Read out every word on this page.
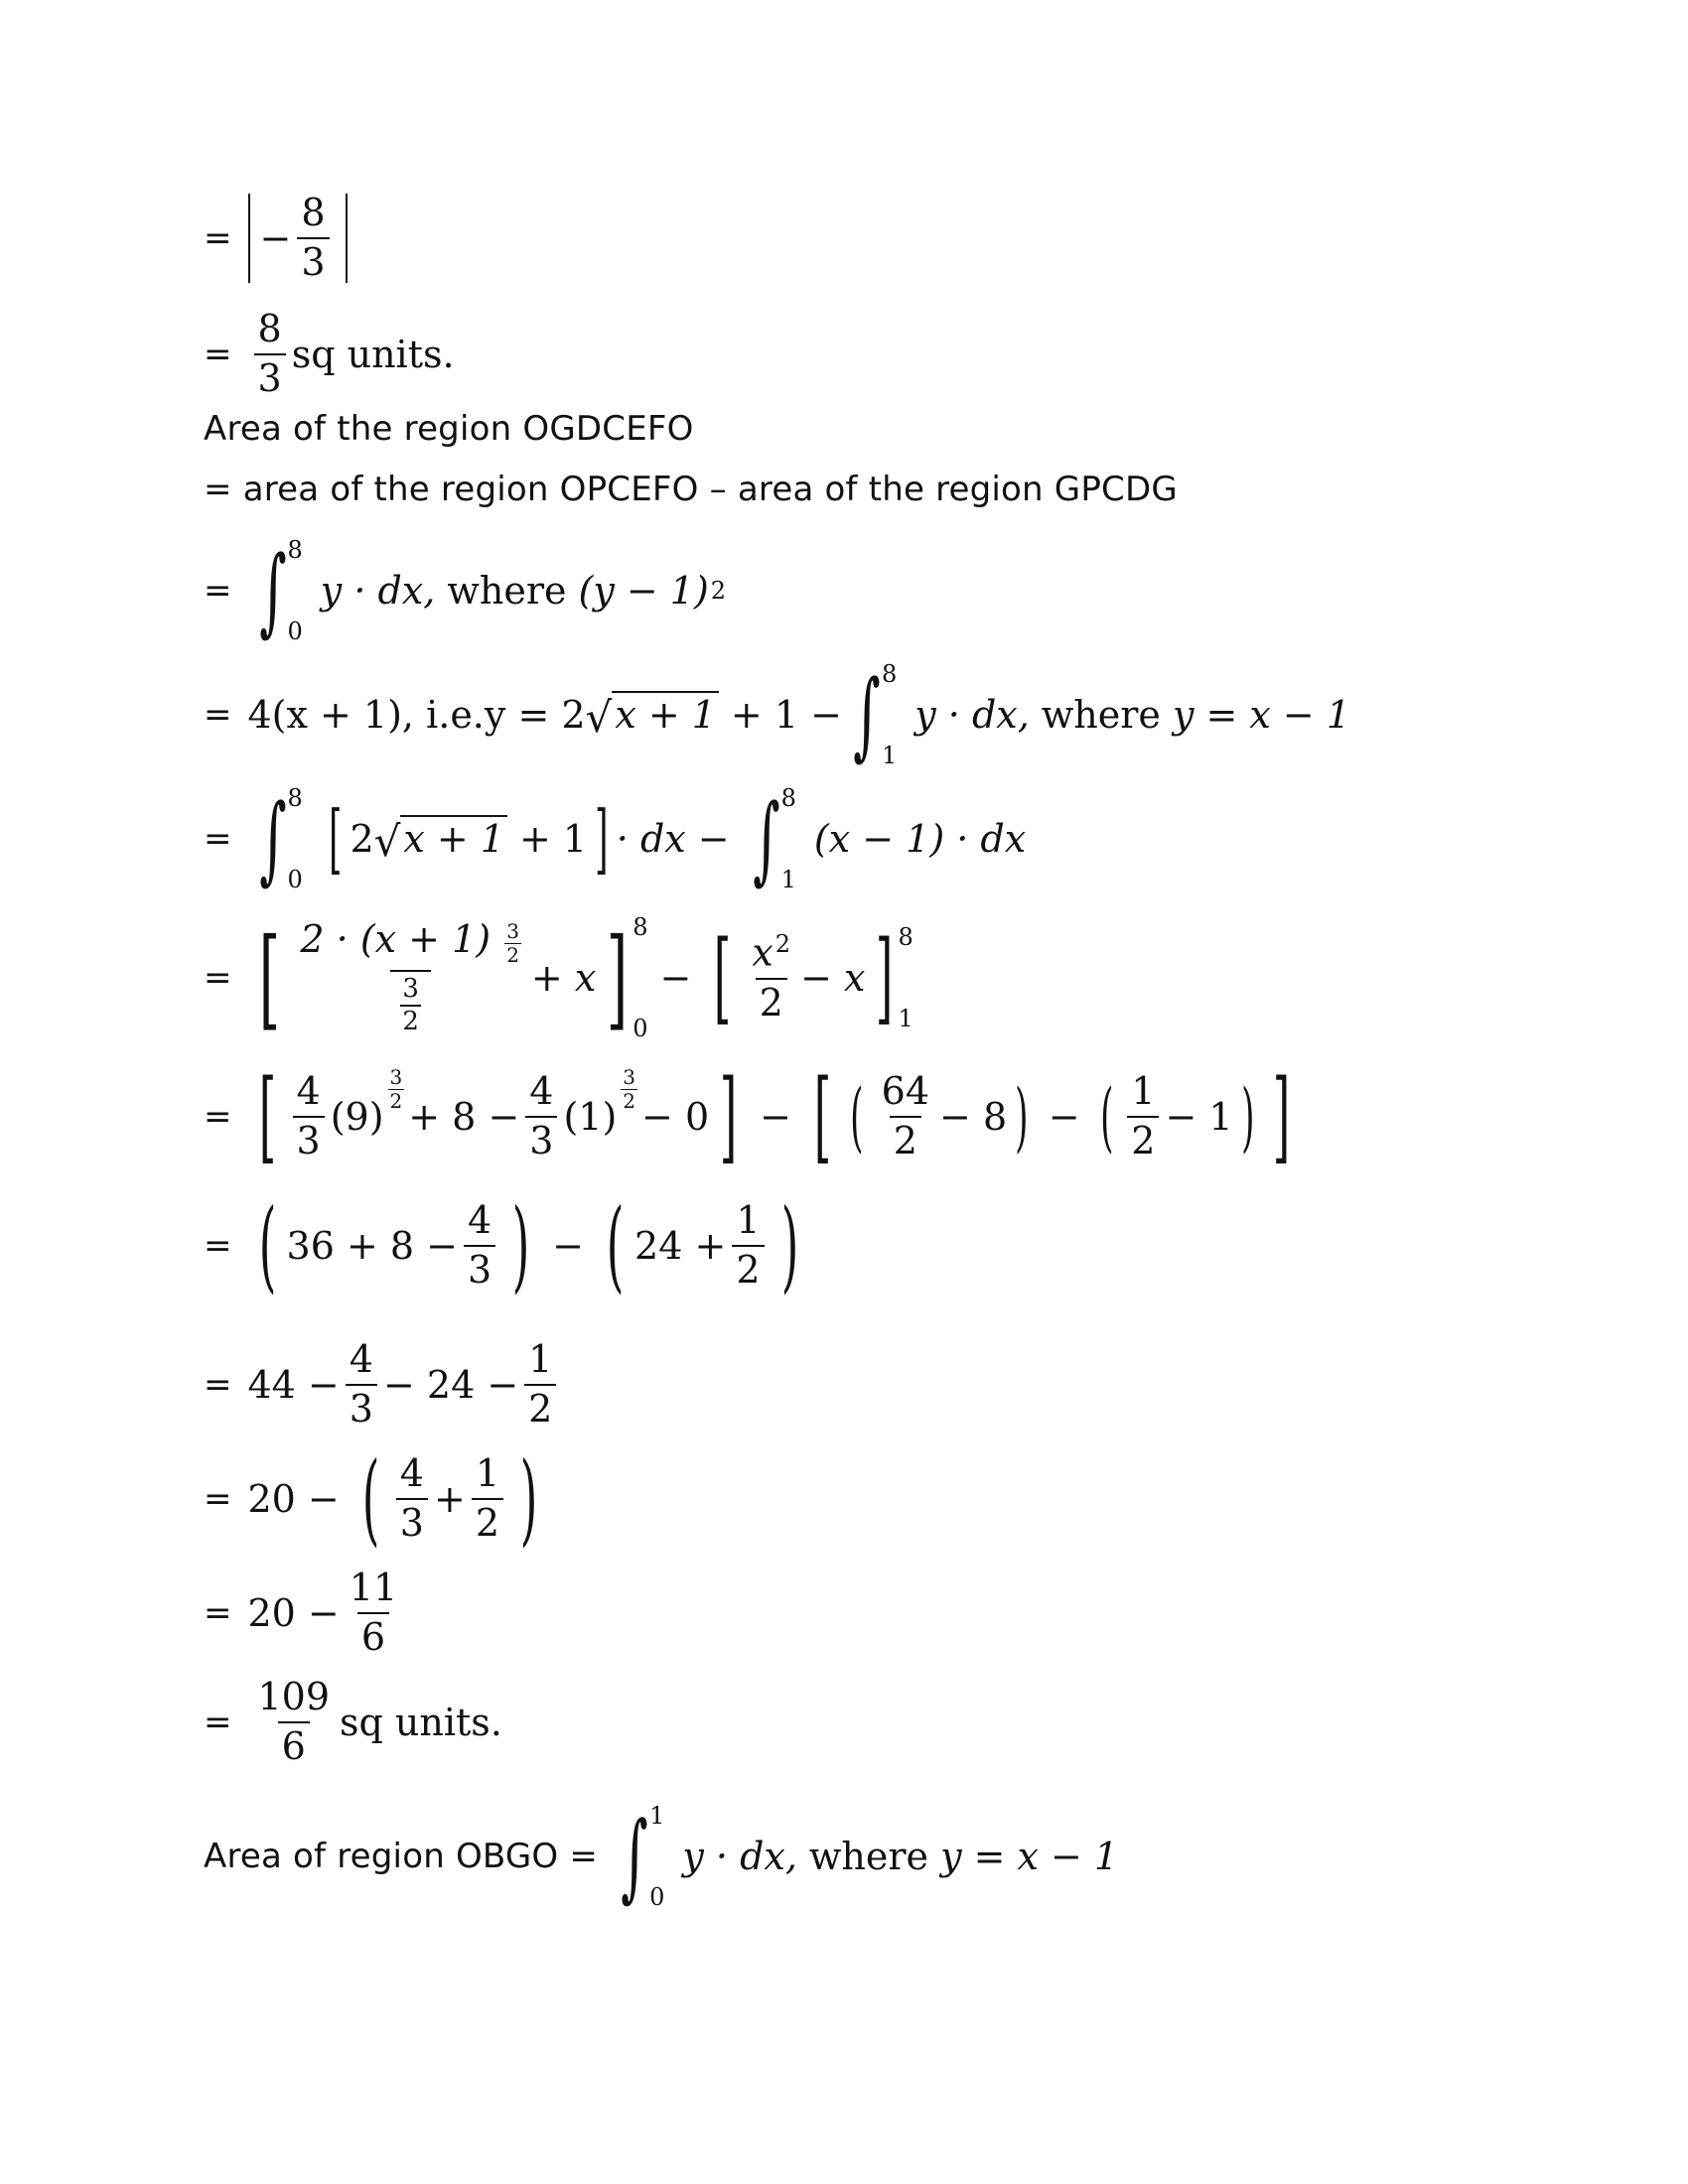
= − $\frac{8}{3}$
= $\frac{8}{3}$ sq units.
Area of the region OGDCEFO
= area of the region OPCEFO – area of the region GPCDG
= ∫ 8
0
y · dx, where (y − 1) 2
= 4(x + 1), i.e.y = 2 √ x + 1 + 1 − ∫ 8
1
y · dx, where y = x − 1
= ∫ 8
0 [ 2 √ x + 1 + 1 ] · dx − ∫ 8
1
(x − 1) · dx
= [ $\frac{2 \cdot (x + 1) \frac{3}{2}}{\frac{3}{2}} + x$ ] 8
0
− [ $\frac{x^2}{2} - x$ ] 8
1
= [ $\frac{4}{3} (9)$
$\frac{3}{2}$
+ $8 - \frac{4}{3} (1)$
$\frac{3}{2}$
− 0 ] − [ ( $\frac{64}{2} - 8$ ) − ( $\frac{1}{2} - 1$ ) ]
= ( $36 + 8 - \frac{4}{3}$ ) − ( $24 + \frac{1}{2}$ )
= $44 - \frac{4}{3} - 24 - \frac{1}{2}$
= 20 − ( $\frac{4}{3} + \frac{1}{2}$ )
= $20 - \frac{11}{6}$
= $\frac{109}{6}$ sq units.
Area of region OBGO = ∫ 1
0
y · dx, where y = x − 1
